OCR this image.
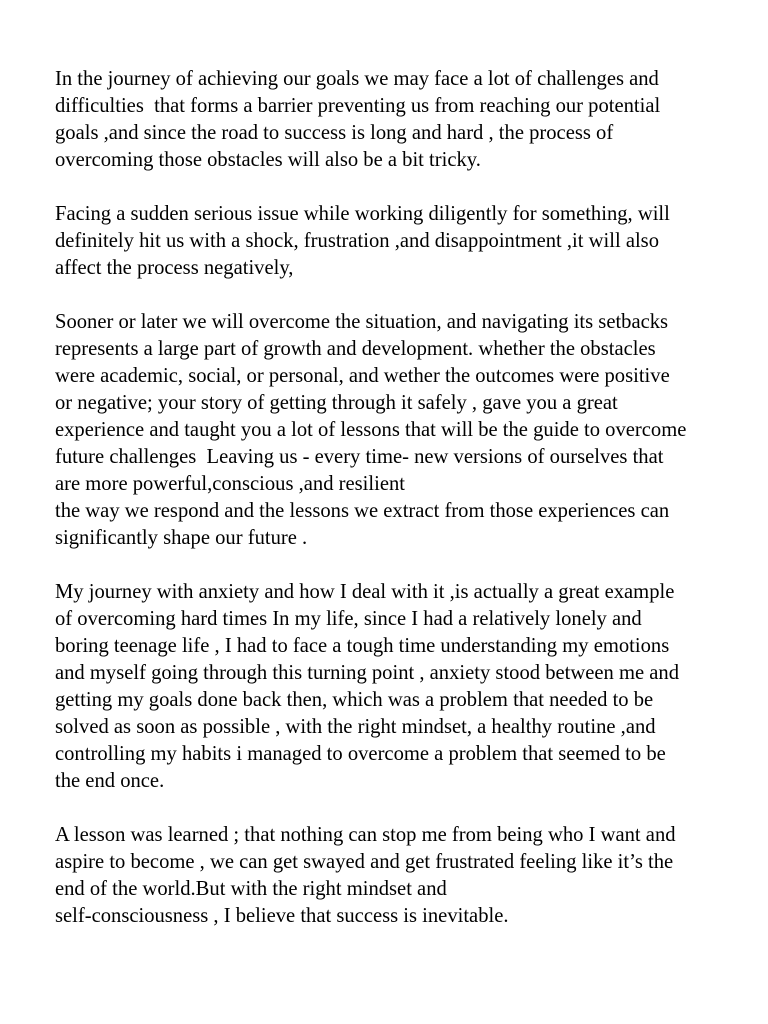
In the journey of achieving our goals we may face a lot of challenges and
difficulties  that forms a barrier preventing us from reaching our potential
goals ,and since the road to success is long and hard , the process of
overcoming those obstacles will also be a bit tricky.

Facing a sudden serious issue while working diligently for something, will
definitely hit us with a shock, frustration ,and disappointment ,it will also
affect the process negatively,

Sooner or later we will overcome the situation, and navigating its setbacks
represents a large part of growth and development. whether the obstacles
were academic, social, or personal, and wether the outcomes were positive
or negative; your story of getting through it safely , gave you a great
experience and taught you a lot of lessons that will be the guide to overcome
future challenges  Leaving us - every time- new versions of ourselves that
are more powerful,conscious ,and resilient
the way we respond and the lessons we extract from those experiences can
significantly shape our future .

My journey with anxiety and how I deal with it ,is actually a great example
of overcoming hard times In my life, since I had a relatively lonely and
boring teenage life , I had to face a tough time understanding my emotions
and myself going through this turning point , anxiety stood between me and
getting my goals done back then, which was a problem that needed to be
solved as soon as possible , with the right mindset, a healthy routine ,and
controlling my habits i managed to overcome a problem that seemed to be
the end once.

A lesson was learned ; that nothing can stop me from being who I want and
aspire to become , we can get swayed and get frustrated feeling like it’s the
end of the world.But with the right mindset and
self-consciousness , I believe that success is inevitable.
